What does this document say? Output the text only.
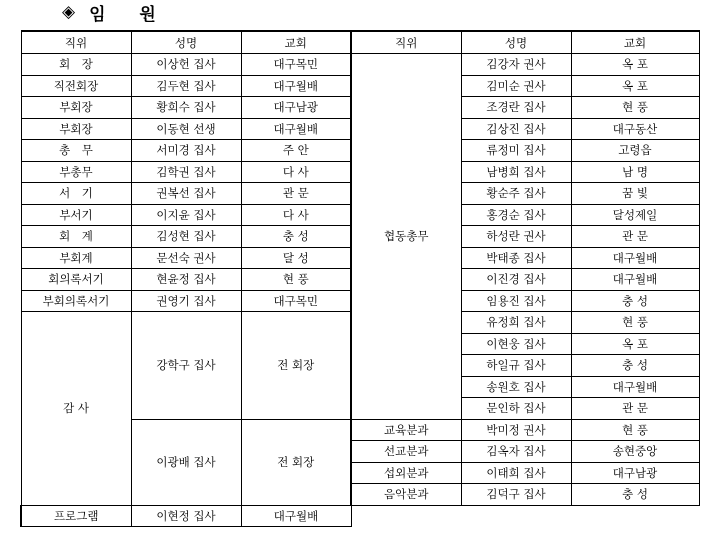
◈ 임 원
직위	성명	교회	직위	성명	교회
회　장	이상헌 집사	대구목민	협동총무	김강자 권사	옥 포
직전회장	김두현 집사	대구월배		김미순 권사	옥 포
부회장	황희수 집사	대구남광		조경란 집사	현 풍
부회장	이동현 선생	대구월배		김상진 집사	대구동산
총　무	서미경 집사	주 안		류정미 집사	고령읍
부총무	김학권 집사	다 사		남병희 집사	남 명
서　기	권복선 집사	관 문		황순주 집사	꿈 빛
부서기	이지윤 집사	다 사		홍경순 집사	달성제일
회　계	김성현 집사	충 성		하성란 권사	관 문
부회계	문선숙 권사	달 성		박태종 집사	대구월배
회의록서기	현윤정 집사	현 풍		이진경 집사	대구월배
부회의록서기	권영기 집사	대구목민		임용진 집사	충 성
감 사	강학구 집사	전 회장		유정희 집사	현 풍
				이현웅 집사	옥 포
				하일규 집사	충 성
				송원호 집사	대구월배
				문인하 집사	관 문
	이광배 집사	전 회장	교육분과	박미정 권사	현 풍
			선교분과	김옥자 집사	송현중앙
			섭외분과	이태희 집사	대구남광
			음악분과	김덕구 집사	충 성
프로그램	이현정 집사	대구월배			
